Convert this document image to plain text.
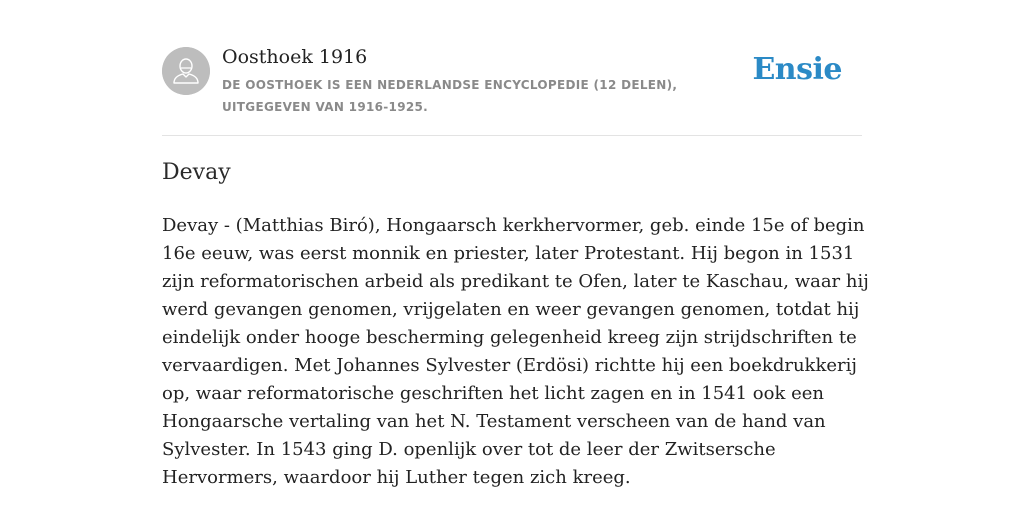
Oosthoek 1916
DE OOSTHOEK IS EEN NEDERLANDSE ENCYCLOPEDIE (12 DELEN), UITGEGEVEN VAN 1916-1925.
Ensie
Devay

Devay - (Matthias Biró), Hongaarsch kerkhervormer, geb. einde 15e of begin 16e eeuw, was eerst monnik en priester, later Protestant. Hij begon in 1531 zijn reformatorischen arbeid als predikant te Ofen, later te Kaschau, waar hij werd gevangen genomen, vrijgelaten en weer gevangen genomen, totdat hij eindelijk onder hooge bescherming gelegenheid kreeg zijn strijdschriften te vervaardigen. Met Johannes Sylvester (Erdösi) richtte hij een boekdrukkerij op, waar reformatorische geschriften het licht zagen en in 1541 ook een Hongaarsche vertaling van het N. Testament verscheen van de hand van Sylvester. In 1543 ging D. openlijk over tot de leer der Zwitsersche Hervormers, waardoor hij Luther tegen zich kreeg.
